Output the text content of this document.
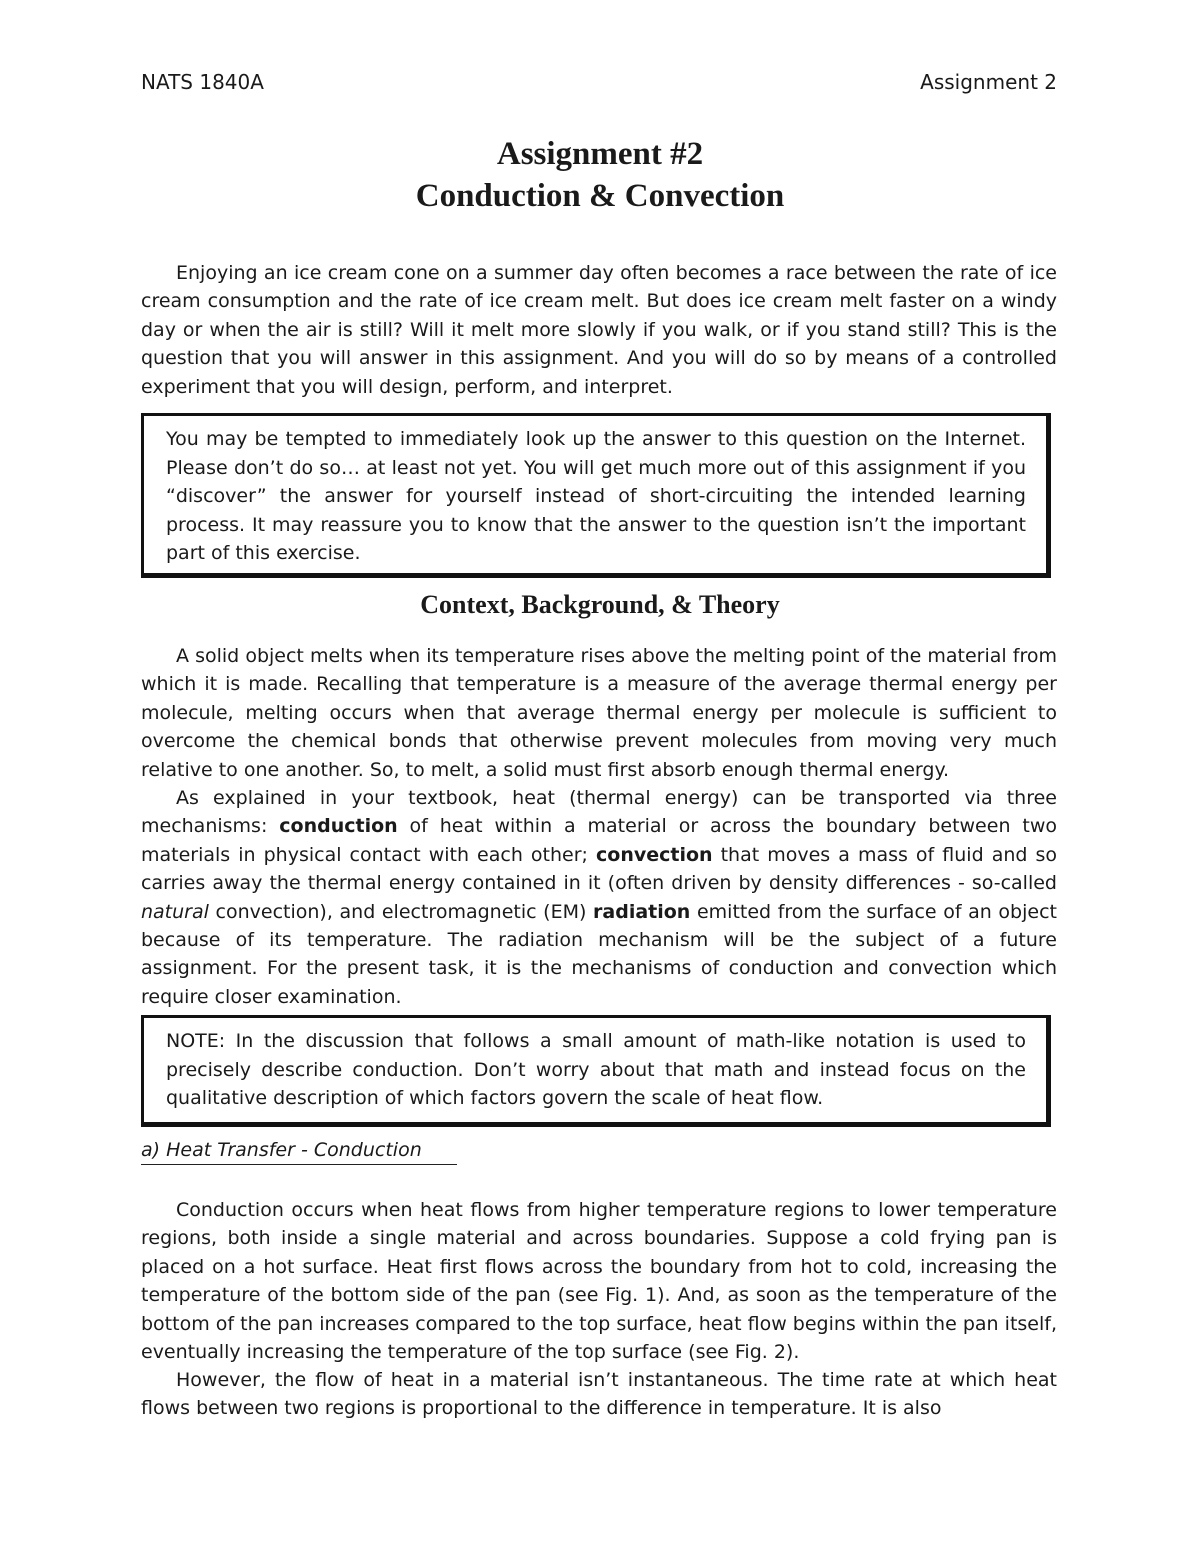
NATS 1840A	Assignment 2
Assignment #2
Conduction & Convection

Enjoying an ice cream cone on a summer day often becomes a race between the rate of ice cream consumption and the rate of ice cream melt. But does ice cream melt faster on a windy day or when the air is still? Will it melt more slowly if you walk, or if you stand still? This is the question that you will answer in this assignment. And you will do so by means of a controlled experiment that you will design, perform, and interpret.

You may be tempted to immediately look up the answer to this question on the Internet. Please don’t do so… at least not yet. You will get much more out of this assignment if you “discover” the answer for yourself instead of short-circuiting the intended learning process. It may reassure you to know that the answer to the question isn’t the important part of this exercise.

Context, Background, & Theory

A solid object melts when its temperature rises above the melting point of the material from which it is made. Recalling that temperature is a measure of the average thermal energy per molecule, melting occurs when that average thermal energy per molecule is sufficient to overcome the chemical bonds that otherwise prevent molecules from moving very much relative to one another. So, to melt, a solid must first absorb enough thermal energy.

As explained in your textbook, heat (thermal energy) can be transported via three mechanisms: conduction of heat within a material or across the boundary between two materials in physical contact with each other; convection that moves a mass of fluid and so carries away the thermal energy contained in it (often driven by density differences - so-called natural convection), and electromagnetic (EM) radiation emitted from the surface of an object because of its temperature. The radiation mechanism will be the subject of a future assignment. For the present task, it is the mechanisms of conduction and convection which require closer examination.

NOTE: In the discussion that follows a small amount of math-like notation is used to precisely describe conduction. Don’t worry about that math and instead focus on the qualitative description of which factors govern the scale of heat flow.

a) Heat Transfer - Conduction

Conduction occurs when heat flows from higher temperature regions to lower temperature regions, both inside a single material and across boundaries. Suppose a cold frying pan is placed on a hot surface. Heat first flows across the boundary from hot to cold, increasing the temperature of the bottom side of the pan (see Fig. 1). And, as soon as the temperature of the bottom of the pan increases compared to the top surface, heat flow begins within the pan itself, eventually increasing the temperature of the top surface (see Fig. 2).

However, the flow of heat in a material isn’t instantaneous. The time rate at which heat flows between two regions is proportional to the difference in temperature. It is also
